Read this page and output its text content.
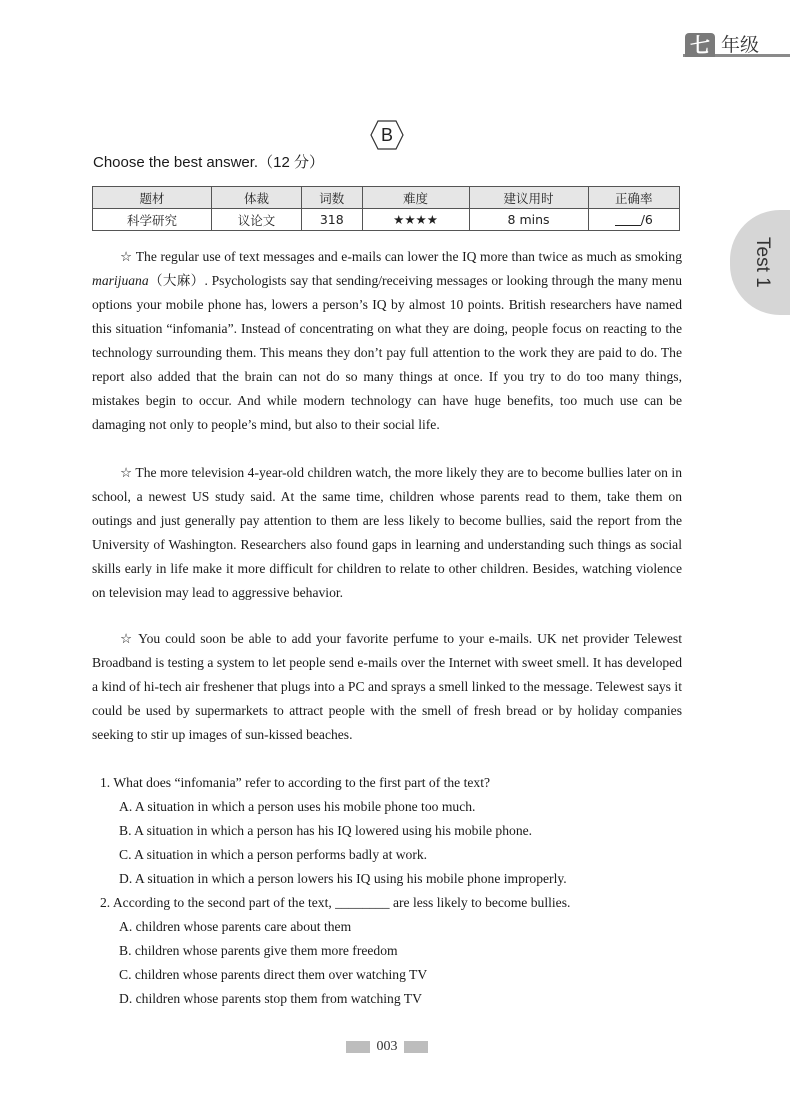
七 年级
Test 1
B
Choose the best answer.（12 分）
题材	体裁	词数	难度	建议用时	正确率
科学研究	议论文	318	★★★★	8 mins	/6

☆ The regular use of text messages and e-mails can lower the IQ more than twice as much as smoking marijuana（大麻）. Psychologists say that sending/receiving messages or looking through the many menu options your mobile phone has, lowers a person’s IQ by almost 10 points. British researchers have named this situation “infomania”. Instead of concentrating on what they are doing, people focus on reacting to the technology surrounding them. This means they don’t pay full attention to the work they are paid to do. The report also added that the brain can not do so many things at once. If you try to do too many things, mistakes begin to occur. And while modern technology can have huge benefits, too much use can be damaging not only to people’s mind, but also to their social life.

☆ The more television 4-year-old children watch, the more likely they are to become bullies later on in school, a newest US study said. At the same time, children whose parents read to them, take them on outings and just generally pay attention to them are less likely to become bullies, said the report from the University of Washington. Researchers also found gaps in learning and understanding such things as social skills early in life make it more difficult for children to relate to other children. Besides, watching violence on television may lead to aggressive behavior.

☆ You could soon be able to add your favorite perfume to your e-mails. UK net provider Telewest Broadband is testing a system to let people send e-mails over the Internet with sweet smell. It has developed a kind of hi-tech air freshener that plugs into a PC and sprays a smell linked to the message. Telewest says it could be used by supermarkets to attract people with the smell of fresh bread or by holiday companies seeking to stir up images of sun-kissed beaches.

1. What does “infomania” refer to according to the first part of the text?

A. A situation in which a person uses his mobile phone too much.

B. A situation in which a person has his IQ lowered using his mobile phone.

C. A situation in which a person performs badly at work.

D. A situation in which a person lowers his IQ using his mobile phone improperly.

2. According to the second part of the text, ________ are less likely to become bullies.

A. children whose parents care about them

B. children whose parents give them more freedom

C. children whose parents direct them over watching TV

D. children whose parents stop them from watching TV

003
